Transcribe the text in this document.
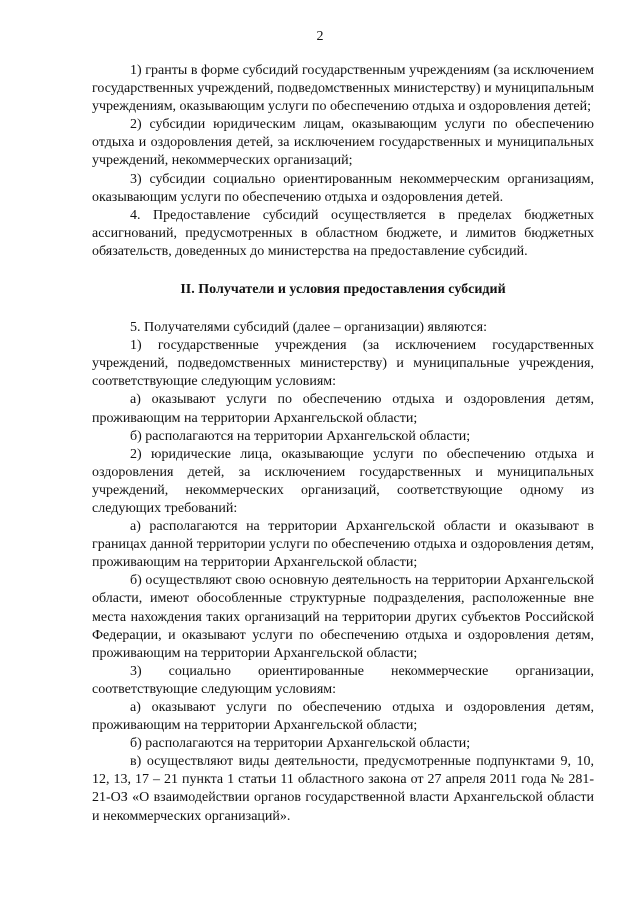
2

1) гранты в форме субсидий государственным учреждениям (за исключением государственных учреждений, подведомственных министерству) и муниципальным учреждениям, оказывающим услуги по обеспечению отдыха и оздоровления детей;

2) субсидии юридическим лицам, оказывающим услуги по обеспечению отдыха и оздоровления детей, за исключением государственных и муниципальных учреждений, некоммерческих организаций;

3) субсидии социально ориентированным некоммерческим организациям, оказывающим услуги по обеспечению отдыха и оздоровления детей.

4. Предоставление субсидий осуществляется в пределах бюджетных ассигнований, предусмотренных в областном бюджете, и лимитов бюджетных обязательств, доведенных до министерства на предоставление субсидий.

II. Получатели и условия предоставления субсидий

5. Получателями субсидий (далее – организации) являются:

1) государственные учреждения (за исключением государственных учреждений, подведомственных министерству) и муниципальные учреждения, соответствующие следующим условиям:

а) оказывают услуги по обеспечению отдыха и оздоровления детям, проживающим на территории Архангельской области;

б) располагаются на территории Архангельской области;

2) юридические лица, оказывающие услуги по обеспечению отдыха и оздоровления детей, за исключением государственных и муниципальных учреждений, некоммерческих организаций, соответствующие одному из следующих требований:

а) располагаются на территории Архангельской области и оказывают в границах данной территории услуги по обеспечению отдыха и оздоровления детям, проживающим на территории Архангельской области;

б) осуществляют свою основную деятельность на территории Архангельской области, имеют обособленные структурные подразделения, расположенные вне места нахождения таких организаций на территории других субъектов Российской Федерации, и оказывают услуги по обеспечению отдыха и оздоровления детям, проживающим на территории Архангельской области;

3) социально ориентированные некоммерческие организации, соответствующие следующим условиям:

а) оказывают услуги по обеспечению отдыха и оздоровления детям, проживающим на территории Архангельской области;

б) располагаются на территории Архангельской области;

в) осуществляют виды деятельности, предусмотренные подпунктами 9, 10, 12, 13, 17 – 21 пункта 1 статьи 11 областного закона от 27 апреля 2011 года № 281-21-ОЗ «О взаимодействии органов государственной власти Архангельской области и некоммерческих организаций».
